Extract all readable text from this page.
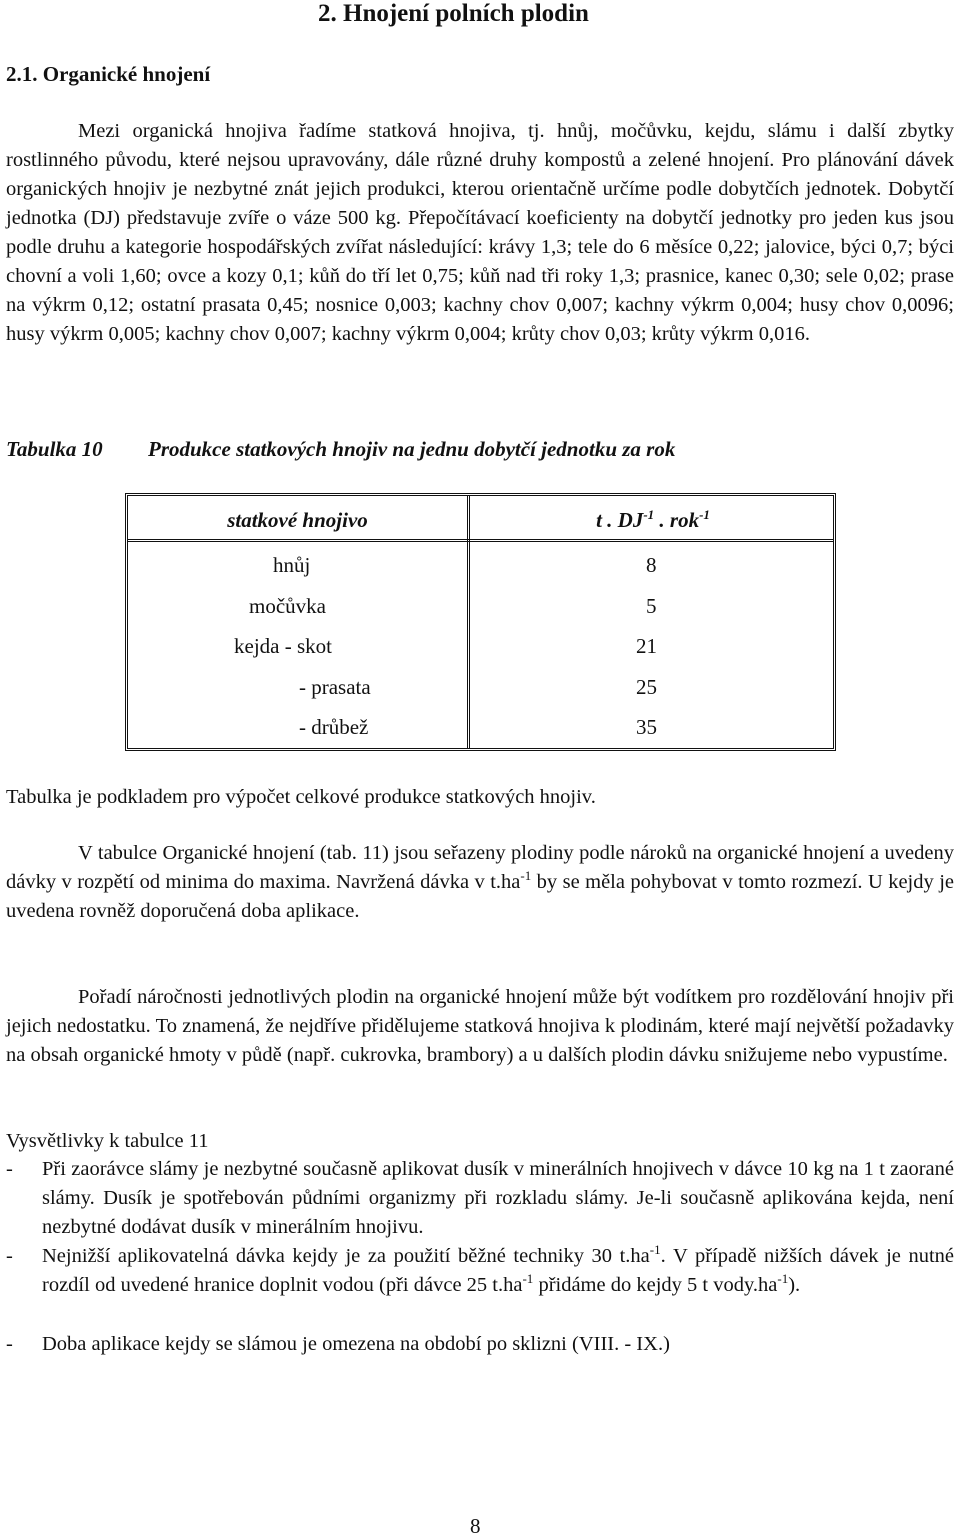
2. Hnojení polních plodin
2.1. Organické hnojení
Mezi organická hnojiva řadíme statková hnojiva, tj. hnůj, močůvku, kejdu, slámu i další zbytky rostlinného původu, které nejsou upravovány, dále různé druhy kompostů a zelené hnojení. Pro plánování dávek organických hnojiv je nezbytné znát jejich produkci, kterou orientačně určíme podle dobytčích jednotek. Dobytčí jednotka (DJ) představuje zvíře o váze 500 kg. Přepočítávací koeficienty na dobytčí jednotky pro jeden kus jsou podle druhu a kategorie hospodářských zvířat následující: krávy 1,3; tele do 6 měsíce 0,22; jalovice, býci 0,7; býci chovní a voli 1,60; ovce a kozy 0,1; kůň do tří let 0,75; kůň nad tři roky 1,3; prasnice, kanec 0,30; sele 0,02; prase na výkrm 0,12; ostatní prasata 0,45; nosnice 0,003; kachny chov 0,007; kachny výkrm 0,004; husy chov 0,0096; husy výkrm 0,005; kachny chov 0,007; kachny výkrm 0,004; krůty chov 0,03; krůty výkrm 0,016.
Tabulka 10 Produkce statkových hnojiv na jednu dobytčí jednotku za rok
statkové hnojivo	t . $DJ^{-1}$ . rok$^{-1}$
hnůj	8
močůvka	5
kejda - skot	21
- prasata	25
- drůbež	35
Tabulka je podkladem pro výpočet celkové produkce statkových hnojiv.
V tabulce Organické hnojení (tab. 11) jsou seřazeny plodiny podle nároků na organické hnojení a uvedeny dávky v rozpětí od minima do maxima. Navržená dávka v $t.ha^{-1}$ by se měla pohybovat v tomto rozmezí. U kejdy je uvedena rovněž doporučená doba aplikace.
Pořadí náročnosti jednotlivých plodin na organické hnojení může být vodítkem pro rozdělování hnojiv při jejich nedostatku. To znamená, že nejdříve přidělujeme statková hnojiva k plodinám, které mají největší požadavky na obsah organické hmoty v půdě (např. cukrovka, brambory) a u dalších plodin dávku snižujeme nebo vypustíme.
Vysvětlivky k tabulce 11
- Při zaorávce slámy je nezbytné současně aplikovat dusík v minerálních hnojivech v dávce 10 kg na 1 t zaorané slámy. Dusík je spotřebován půdními organizmy při rozkladu slámy. Je-li současně aplikována kejda, není nezbytné dodávat dusík v minerálním hnojivu.
- Nejnižší aplikovatelná dávka kejdy je za použití běžné techniky 30 $t.ha^{-1}$. V případě nižších dávek je nutné rozdíl od uvedené hranice doplnit vodou (při dávce 25 $t.ha^{-1}$ přidáme do kejdy 5 t $vody.ha^{-1}$).
- Doba aplikace kejdy se slámou je omezena na období po sklizni (VIII. - IX.)
8
